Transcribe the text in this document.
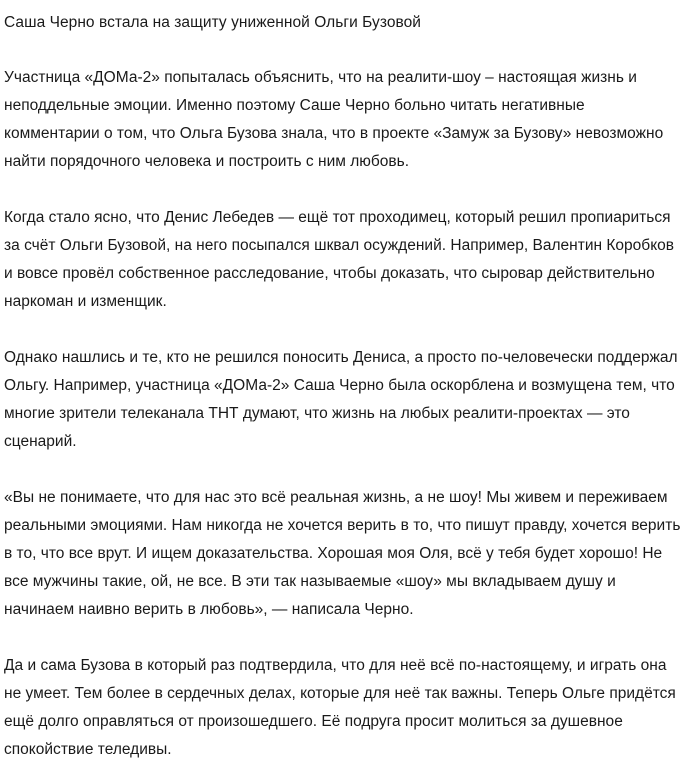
Саша Черно встала на защиту униженной Ольги Бузовой

Участница «ДОМа-2» попыталась объяснить, что на реалити-шоу – настоящая жизнь и неподдельные эмоции. Именно поэтому Саше Черно больно читать негативные комментарии о том, что Ольга Бузова знала, что в проекте «Замуж за Бузову» невозможно найти порядочного человека и построить с ним любовь.

Когда стало ясно, что Денис Лебедев — ещё тот проходимец, который решил пропиариться за счёт Ольги Бузовой, на него посыпался шквал осуждений. Например, Валентин Коробков и вовсе провёл собственное расследование, чтобы доказать, что сыровар действительно наркоман и изменщик.

Однако нашлись и те, кто не решился поносить Дениса, а просто по-человечески поддержал Ольгу. Например, участница «ДОМа-2» Саша Черно была оскорблена и возмущена тем, что многие зрители телеканала ТНТ думают, что жизнь на любых реалити-проектах — это сценарий.

«Вы не понимаете, что для нас это всё реальная жизнь, а не шоу! Мы живем и переживаем реальными эмоциями. Нам никогда не хочется верить в то, что пишут правду, хочется верить в то, что все врут. И ищем доказательства. Хорошая моя Оля, всё у тебя будет хорошо! Не все мужчины такие, ой, не все. В эти так называемые «шоу» мы вкладываем душу и начинаем наивно верить в любовь», — написала Черно.

Да и сама Бузова в который раз подтвердила, что для неё всё по-настоящему, и играть она не умеет. Тем более в сердечных делах, которые для неё так важны. Теперь Ольге придётся ещё долго оправляться от произошедшего. Её подруга просит молиться за душевное спокойствие теледивы.
